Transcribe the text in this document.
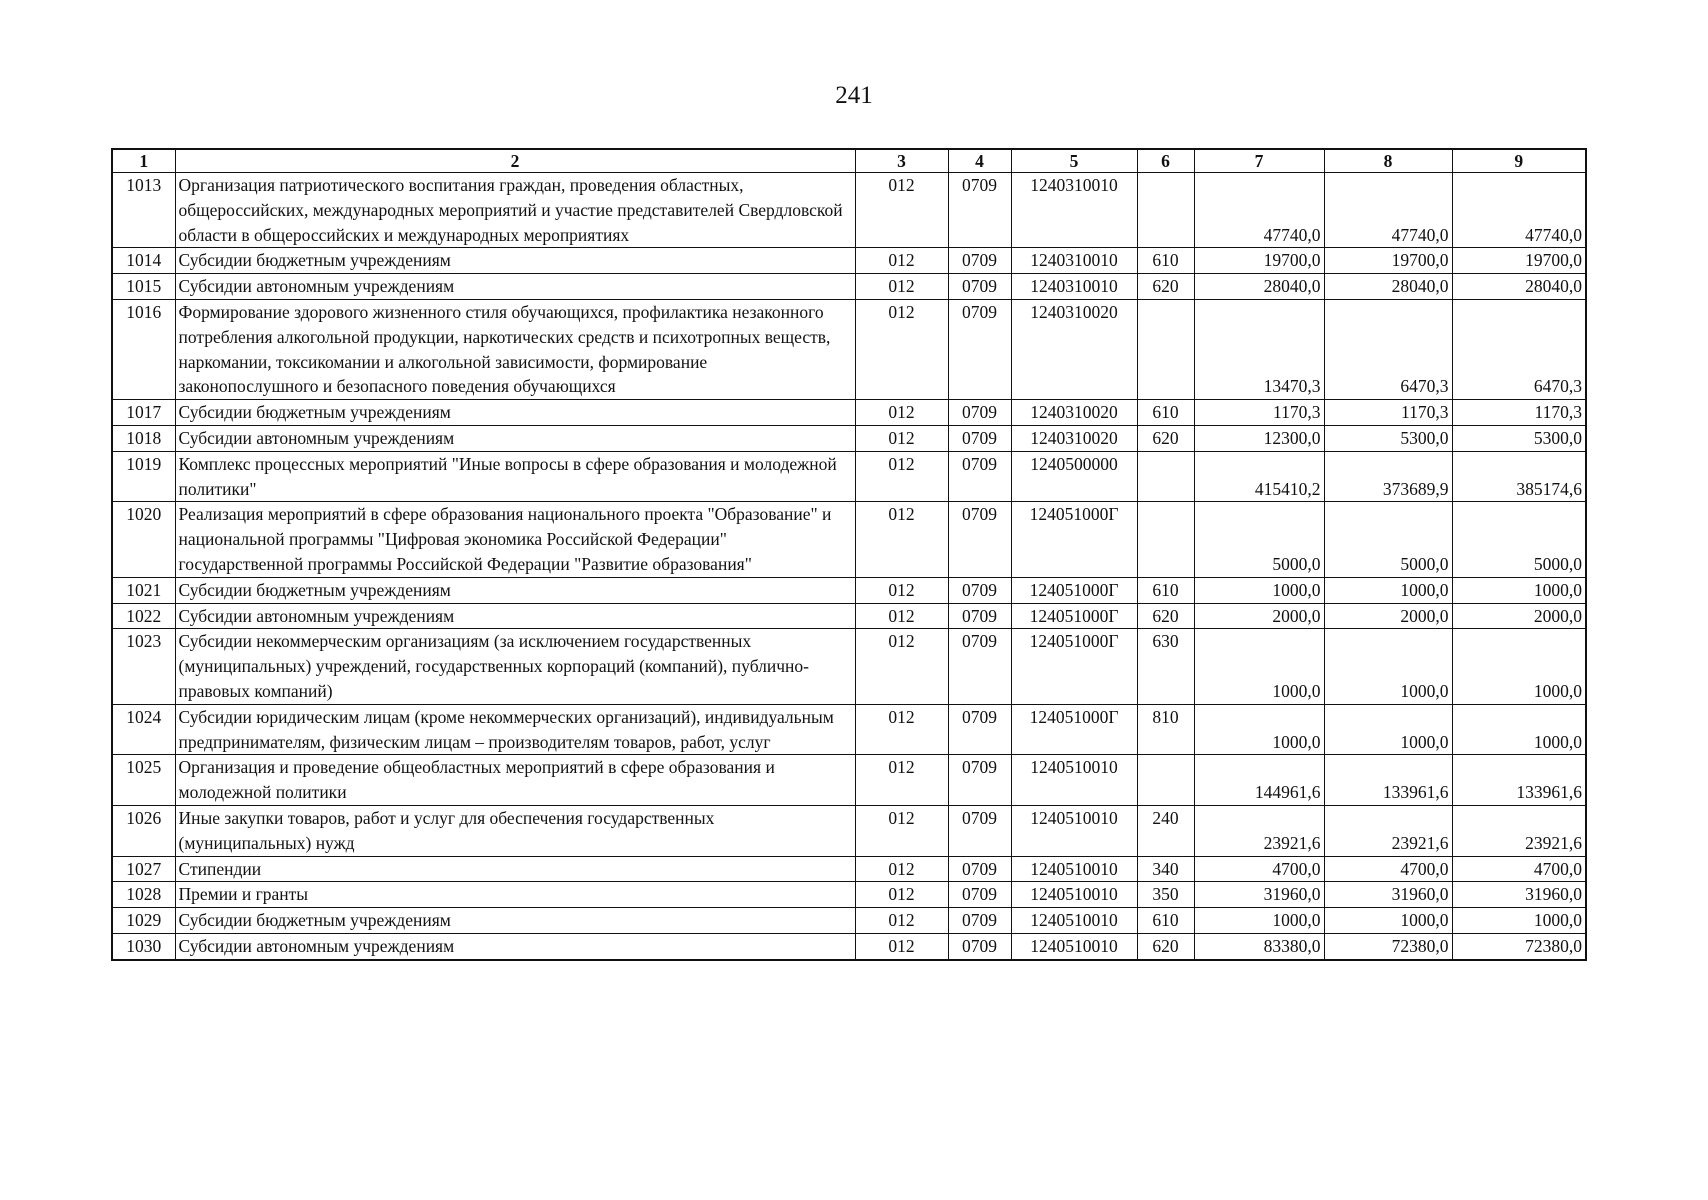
241
1	2	3	4	5	6	7	8	9
1013	Организация патриотического воспитания граждан, проведения областных, общероссийских, международных мероприятий и участие представителей Свердловской области в общероссийских и международных мероприятиях	012	0709	1240310010		47740,0	47740,0	47740,0
1014	Субсидии бюджетным учреждениям	012	0709	1240310010	610	19700,0	19700,0	19700,0
1015	Субсидии автономным учреждениям	012	0709	1240310010	620	28040,0	28040,0	28040,0
1016	Формирование здорового жизненного стиля обучающихся, профилактика незаконного потребления алкогольной продукции, наркотических средств и психотропных веществ, наркомании, токсикомании и алкогольной зависимости, формирование законопослушного и безопасного поведения обучающихся	012	0709	1240310020		13470,3	6470,3	6470,3
1017	Субсидии бюджетным учреждениям	012	0709	1240310020	610	1170,3	1170,3	1170,3
1018	Субсидии автономным учреждениям	012	0709	1240310020	620	12300,0	5300,0	5300,0
1019	Комплекс процессных мероприятий "Иные вопросы в сфере образования и молодежной политики"	012	0709	1240500000		415410,2	373689,9	385174,6
1020	Реализация мероприятий в сфере образования национального проекта "Образование" и национальной программы "Цифровая экономика Российской Федерации" государственной программы Российской Федерации "Развитие образования"	012	0709	124051000Г		5000,0	5000,0	5000,0
1021	Субсидии бюджетным учреждениям	012	0709	124051000Г	610	1000,0	1000,0	1000,0
1022	Субсидии автономным учреждениям	012	0709	124051000Г	620	2000,0	2000,0	2000,0
1023	Субсидии некоммерческим организациям (за исключением государственных (муниципальных) учреждений, государственных корпораций (компаний), публично-правовых компаний)	012	0709	124051000Г	630	1000,0	1000,0	1000,0
1024	Субсидии юридическим лицам (кроме некоммерческих организаций), индивидуальным предпринимателям, физическим лицам – производителям товаров, работ, услуг	012	0709	124051000Г	810	1000,0	1000,0	1000,0
1025	Организация и проведение общеобластных мероприятий в сфере образования и молодежной политики	012	0709	1240510010		144961,6	133961,6	133961,6
1026	Иные закупки товаров, работ и услуг для обеспечения государственных (муниципальных) нужд	012	0709	1240510010	240	23921,6	23921,6	23921,6
1027	Стипендии	012	0709	1240510010	340	4700,0	4700,0	4700,0
1028	Премии и гранты	012	0709	1240510010	350	31960,0	31960,0	31960,0
1029	Субсидии бюджетным учреждениям	012	0709	1240510010	610	1000,0	1000,0	1000,0
1030	Субсидии автономным учреждениям	012	0709	1240510010	620	83380,0	72380,0	72380,0
